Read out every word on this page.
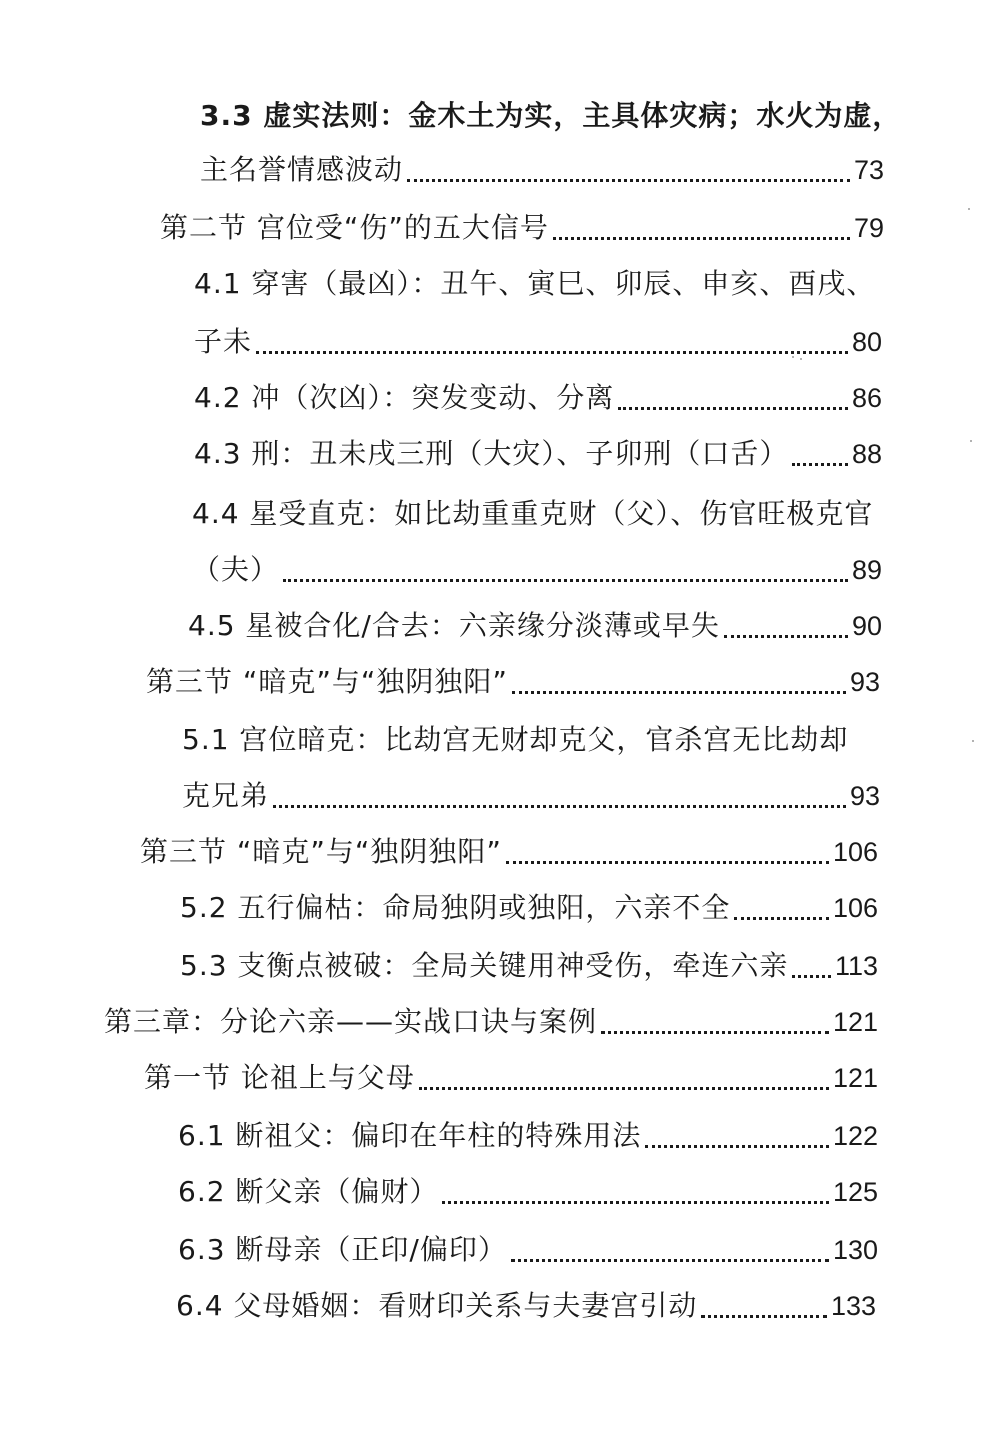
3.3 虚实法则：金木土为实，主具体灾病；水火为虚，
主名誉情感波动	73
第二节 宫位受“伤”的五大信号	79
4.1 穿害（最凶）：丑午、寅巳、卯辰、申亥、酉戌、
子未	80
4.2 冲（次凶）：突发变动、分离	86
4.3 刑：丑未戌三刑（大灾）、子卯刑（口舌） 88
4.4 星受直克：如比劫重重克财（父）、伤官旺极克官
（夫）	89
4.5 星被合化/合去：六亲缘分淡薄或早失	90
第三节 “暗克”与“独阴独阳”	93
5.1 宫位暗克：比劫宫无财却克父，官杀宫无比劫却
克兄弟	93
第三节 “暗克”与“独阴独阳”	106
5.2 五行偏枯：命局独阴或独阳，六亲不全	106
5.3 支衡点被破：全局关键用神受伤，牵连六亲 113
第三章：分论六亲——实战口诀与案例	121
第一节 论祖上与父母	121
6.1 断祖父：偏印在年柱的特殊用法	122
6.2 断父亲（偏财）	125
6.3 断母亲（正印/偏印）	130
6.4 父母婚姻：看财印关系与夫妻宫引动	133
